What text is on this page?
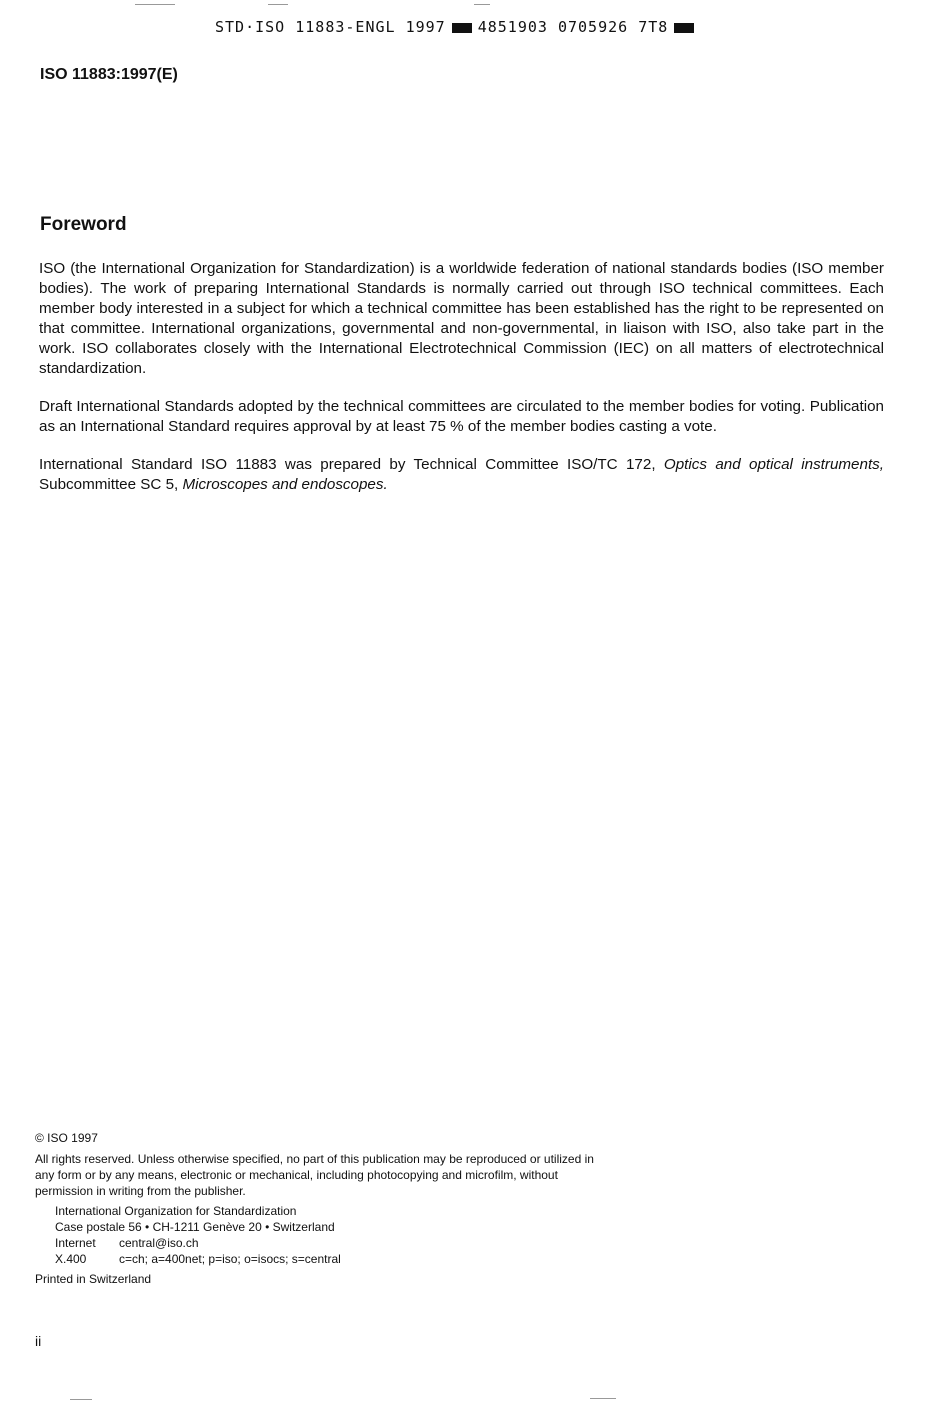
STD·ISO 11883-ENGL 1997 4851903 0705926 7T8
ISO 11883:1997(E)
Foreword

ISO (the International Organization for Standardization) is a worldwide federation of national standards bodies (ISO member bodies). The work of preparing International Standards is normally carried out through ISO technical committees. Each member body interested in a subject for which a technical committee has been established has the right to be represented on that committee. International organizations, governmental and non-governmental, in liaison with ISO, also take part in the work. ISO collaborates closely with the International Electrotechnical Commission (IEC) on all matters of electrotechnical standardization.

Draft International Standards adopted by the technical committees are circulated to the member bodies for voting. Publication as an International Standard requires approval by at least 75 % of the member bodies casting a vote.

International Standard ISO 11883 was prepared by Technical Committee ISO/TC 172, Optics and optical instruments, Subcommittee SC 5, Microscopes and endoscopes.

© ISO 1997
All rights reserved. Unless otherwise specified, no part of this publication may be reproduced or utilized in any form or by any means, electronic or mechanical, including photocopying and microfilm, without permission in writing from the publisher.
International Organization for Standardization
Case postale 56 • CH-1211 Genève 20 • Switzerland
Internet	central@iso.ch
X.400	c=ch; a=400net; p=iso; o=isocs; s=central
Printed in Switzerland
ii
